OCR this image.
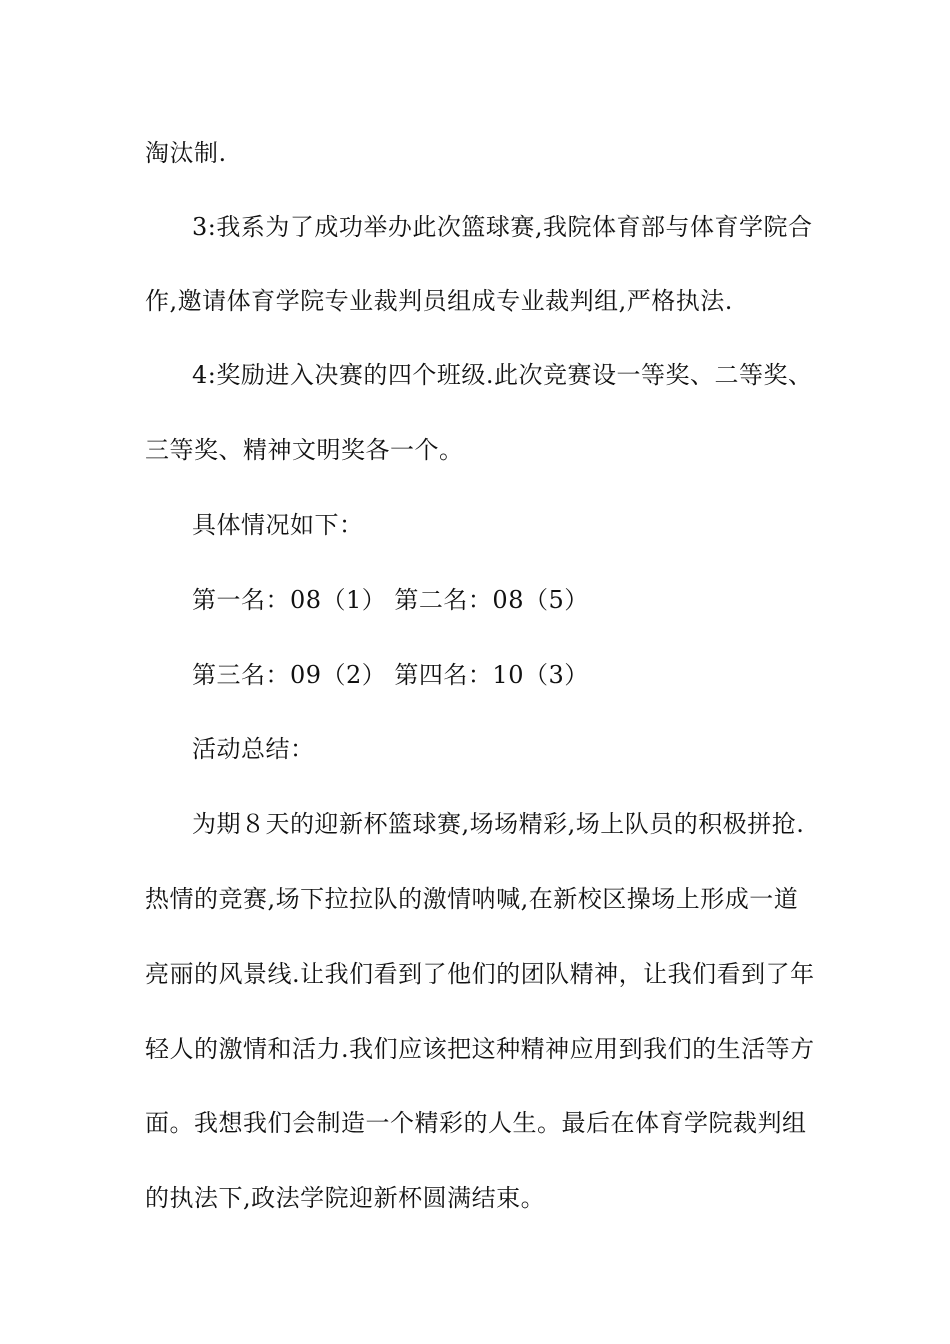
淘汰制.
3:我系为了成功举办此次篮球赛,我院体育部与体育学院合
作,邀请体育学院专业裁判员组成专业裁判组,严格执法.
4:奖励进入决赛的四个班级.此次竞赛设一等奖、二等奖、
三等奖、精神文明奖各一个。
具体情况如下：
第一名：08（1） 第二名：08（5）
第三名：09（2） 第四名：10（3）
活动总结：
为期８天的迎新杯篮球赛,场场精彩,场上队员的积极拼抢.
热情的竞赛,场下拉拉队的激情呐喊,在新校区操场上形成一道
亮丽的风景线.让我们看到了他们的团队精神，让我们看到了年
轻人的激情和活力.我们应该把这种精神应用到我们的生活等方
面。我想我们会制造一个精彩的人生。最后在体育学院裁判组
的执法下,政法学院迎新杯圆满结束。
